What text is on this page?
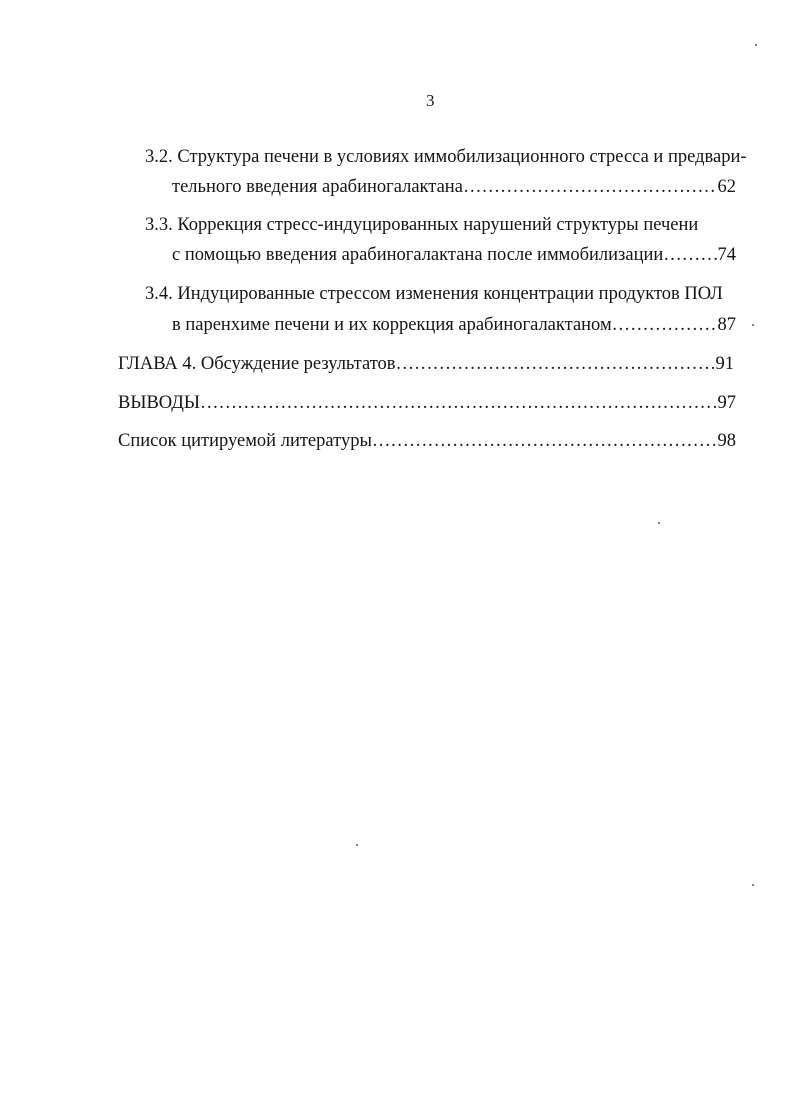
3
3.2. Структура печени в условиях иммобилизационного стресса и предвари-
тельного введения арабиногалактана ……………………………………………………………………………………………………………………………………………………………………	62
3.3. Коррекция стресс-индуцированных нарушений структуры печени
с помощью введения арабиногалактана после иммобилизации ……………………………………………………………………………………………………………………………………………………………………	74
3.4. Индуцированные стрессом изменения концентрации продуктов ПОЛ
в паренхиме печени и их коррекция арабиногалактаном ……………………………………………………………………………………………………………………………………………………………………	87
ГЛАВА 4. Обсуждение результатов ……………………………………………………………………………………………………………………………………………………………………	91
ВЫВОДЫ ……………………………………………………………………………………………………………………………………………………………………	97
Список цитируемой литературы ……………………………………………………………………………………………………………………………………………………………………	98
